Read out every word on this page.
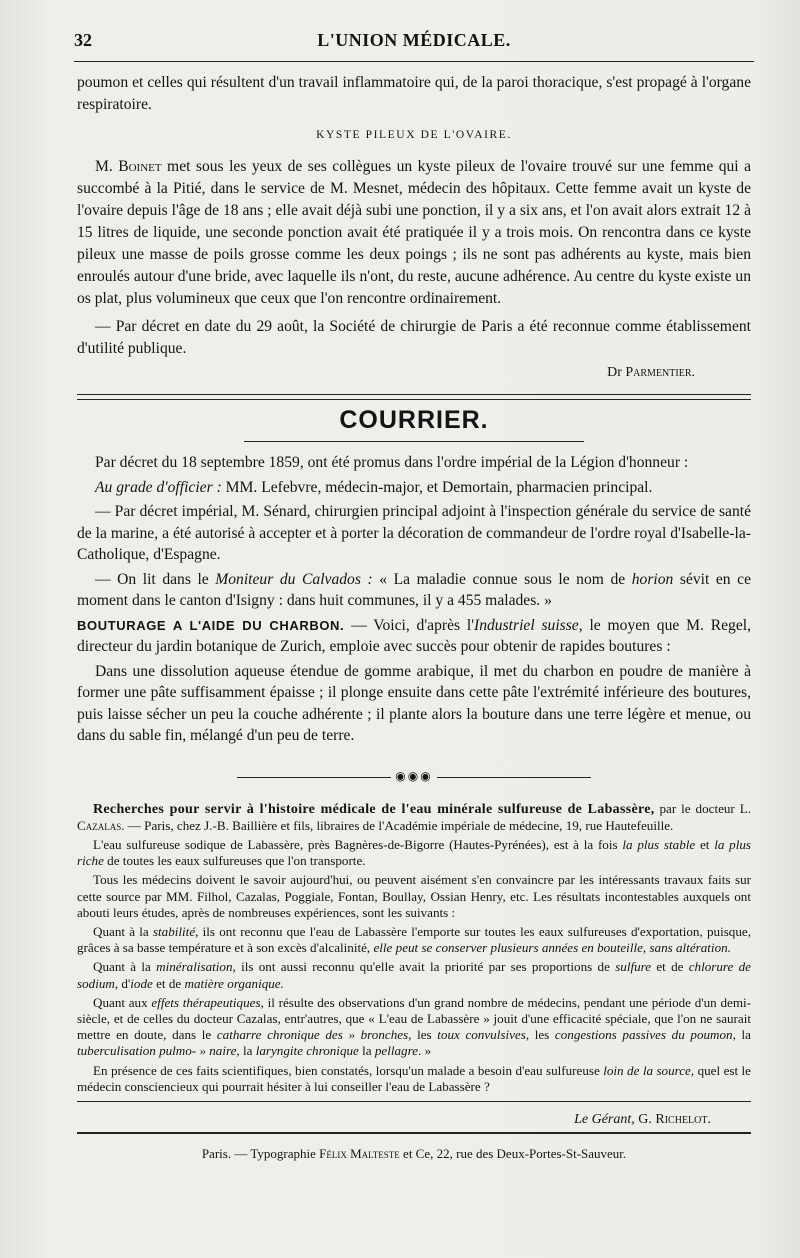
32	L'UNION MÉDICALE.

poumon et celles qui résultent d'un travail inflammatoire qui, de la paroi thoracique, s'est propagé à l'organe respiratoire.

KYSTE PILEUX DE L'OVAIRE.

M. Boinet met sous les yeux de ses collègues un kyste pileux de l'ovaire trouvé sur une femme qui a succombé à la Pitié, dans le service de M. Mesnet, médecin des hôpitaux. Cette femme avait un kyste de l'ovaire depuis l'âge de 18 ans ; elle avait déjà subi une ponction, il y a six ans, et l'on avait alors extrait 12 à 15 litres de liquide, une seconde ponction avait été pratiquée il y a trois mois. On rencontra dans ce kyste pileux une masse de poils grosse comme les deux poings ; ils ne sont pas adhérents au kyste, mais bien enroulés autour d'une bride, avec laquelle ils n'ont, du reste, aucune adhérence. Au centre du kyste existe un os plat, plus volumineux que ceux que l'on rencontre ordinairement.

— Par décret en date du 29 août, la Société de chirurgie de Paris a été reconnue comme établissement d'utilité publique.

Dr Parmentier.
COURRIER.

Par décret du 18 septembre 1859, ont été promus dans l'ordre impérial de la Légion d'honneur :

Au grade d'officier : MM. Lefebvre, médecin-major, et Demortain, pharmacien principal.

— Par décret impérial, M. Sénard, chirurgien principal adjoint à l'inspection générale du service de santé de la marine, a été autorisé à accepter et à porter la décoration de commandeur de l'ordre royal d'Isabelle-la-Catholique, d'Espagne.

— On lit dans le Moniteur du Calvados : « La maladie connue sous le nom de horion sévit en ce moment dans le canton d'Isigny : dans huit communes, il y a 455 malades. »

BOUTURAGE A L'AIDE DU CHARBON. — Voici, d'après l'Industriel suisse, le moyen que M. Regel, directeur du jardin botanique de Zurich, emploie avec succès pour obtenir de rapides boutures :

Dans une dissolution aqueuse étendue de gomme arabique, il met du charbon en poudre de manière à former une pâte suffisamment épaisse ; il plonge ensuite dans cette pâte l'extrémité inférieure des boutures, puis laisse sécher un peu la couche adhérente ; il plante alors la bouture dans une terre légère et menue, ou dans du sable fin, mélangé d'un peu de terre.

◉◉◉

Recherches pour servir à l'histoire médicale de l'eau minérale sulfureuse de Labassère, par le docteur L. Cazalas. — Paris, chez J.-B. Baillière et fils, libraires de l'Académie impériale de médecine, 19, rue Hautefeuille.

L'eau sulfureuse sodique de Labassère, près Bagnères-de-Bigorre (Hautes-Pyrénées), est à la fois la plus stable et la plus riche de toutes les eaux sulfureuses que l'on transporte.

Tous les médecins doivent le savoir aujourd'hui, ou peuvent aisément s'en convaincre par les intéressants travaux faits sur cette source par MM. Filhol, Cazalas, Poggiale, Fontan, Boullay, Ossian Henry, etc. Les résultats incontestables auxquels ont abouti leurs études, après de nombreuses expériences, sont les suivants :

Quant à la stabilité, ils ont reconnu que l'eau de Labassère l'emporte sur toutes les eaux sulfureuses d'exportation, puisque, grâces à sa basse température et à son excès d'alcalinité, elle peut se conserver plusieurs années en bouteille, sans altération.

Quant à la minéralisation, ils ont aussi reconnu qu'elle avait la priorité par ses proportions de sulfure et de chlorure de sodium, d'iode et de matière organique.

Quant aux effets thérapeutiques, il résulte des observations d'un grand nombre de médecins, pendant une période d'un demi-siècle, et de celles du docteur Cazalas, entr'autres, que « L'eau de Labassère » jouit d'une efficacité spéciale, que l'on ne saurait mettre en doute, dans le catharre chronique des » bronches, les toux convulsives, les congestions passives du poumon, la tuberculisation pulmo- » naire, la laryngite chronique la pellagre. »

En présence de ces faits scientifiques, bien constatés, lorsqu'un malade a besoin d'eau sulfureuse loin de la source, quel est le médecin consciencieux qui pourrait hésiter à lui conseiller l'eau de Labassère ?

Le Gérant, G. Richelot.
Paris. — Typographie Félix Malteste et Ce, 22, rue des Deux-Portes-St-Sauveur.
